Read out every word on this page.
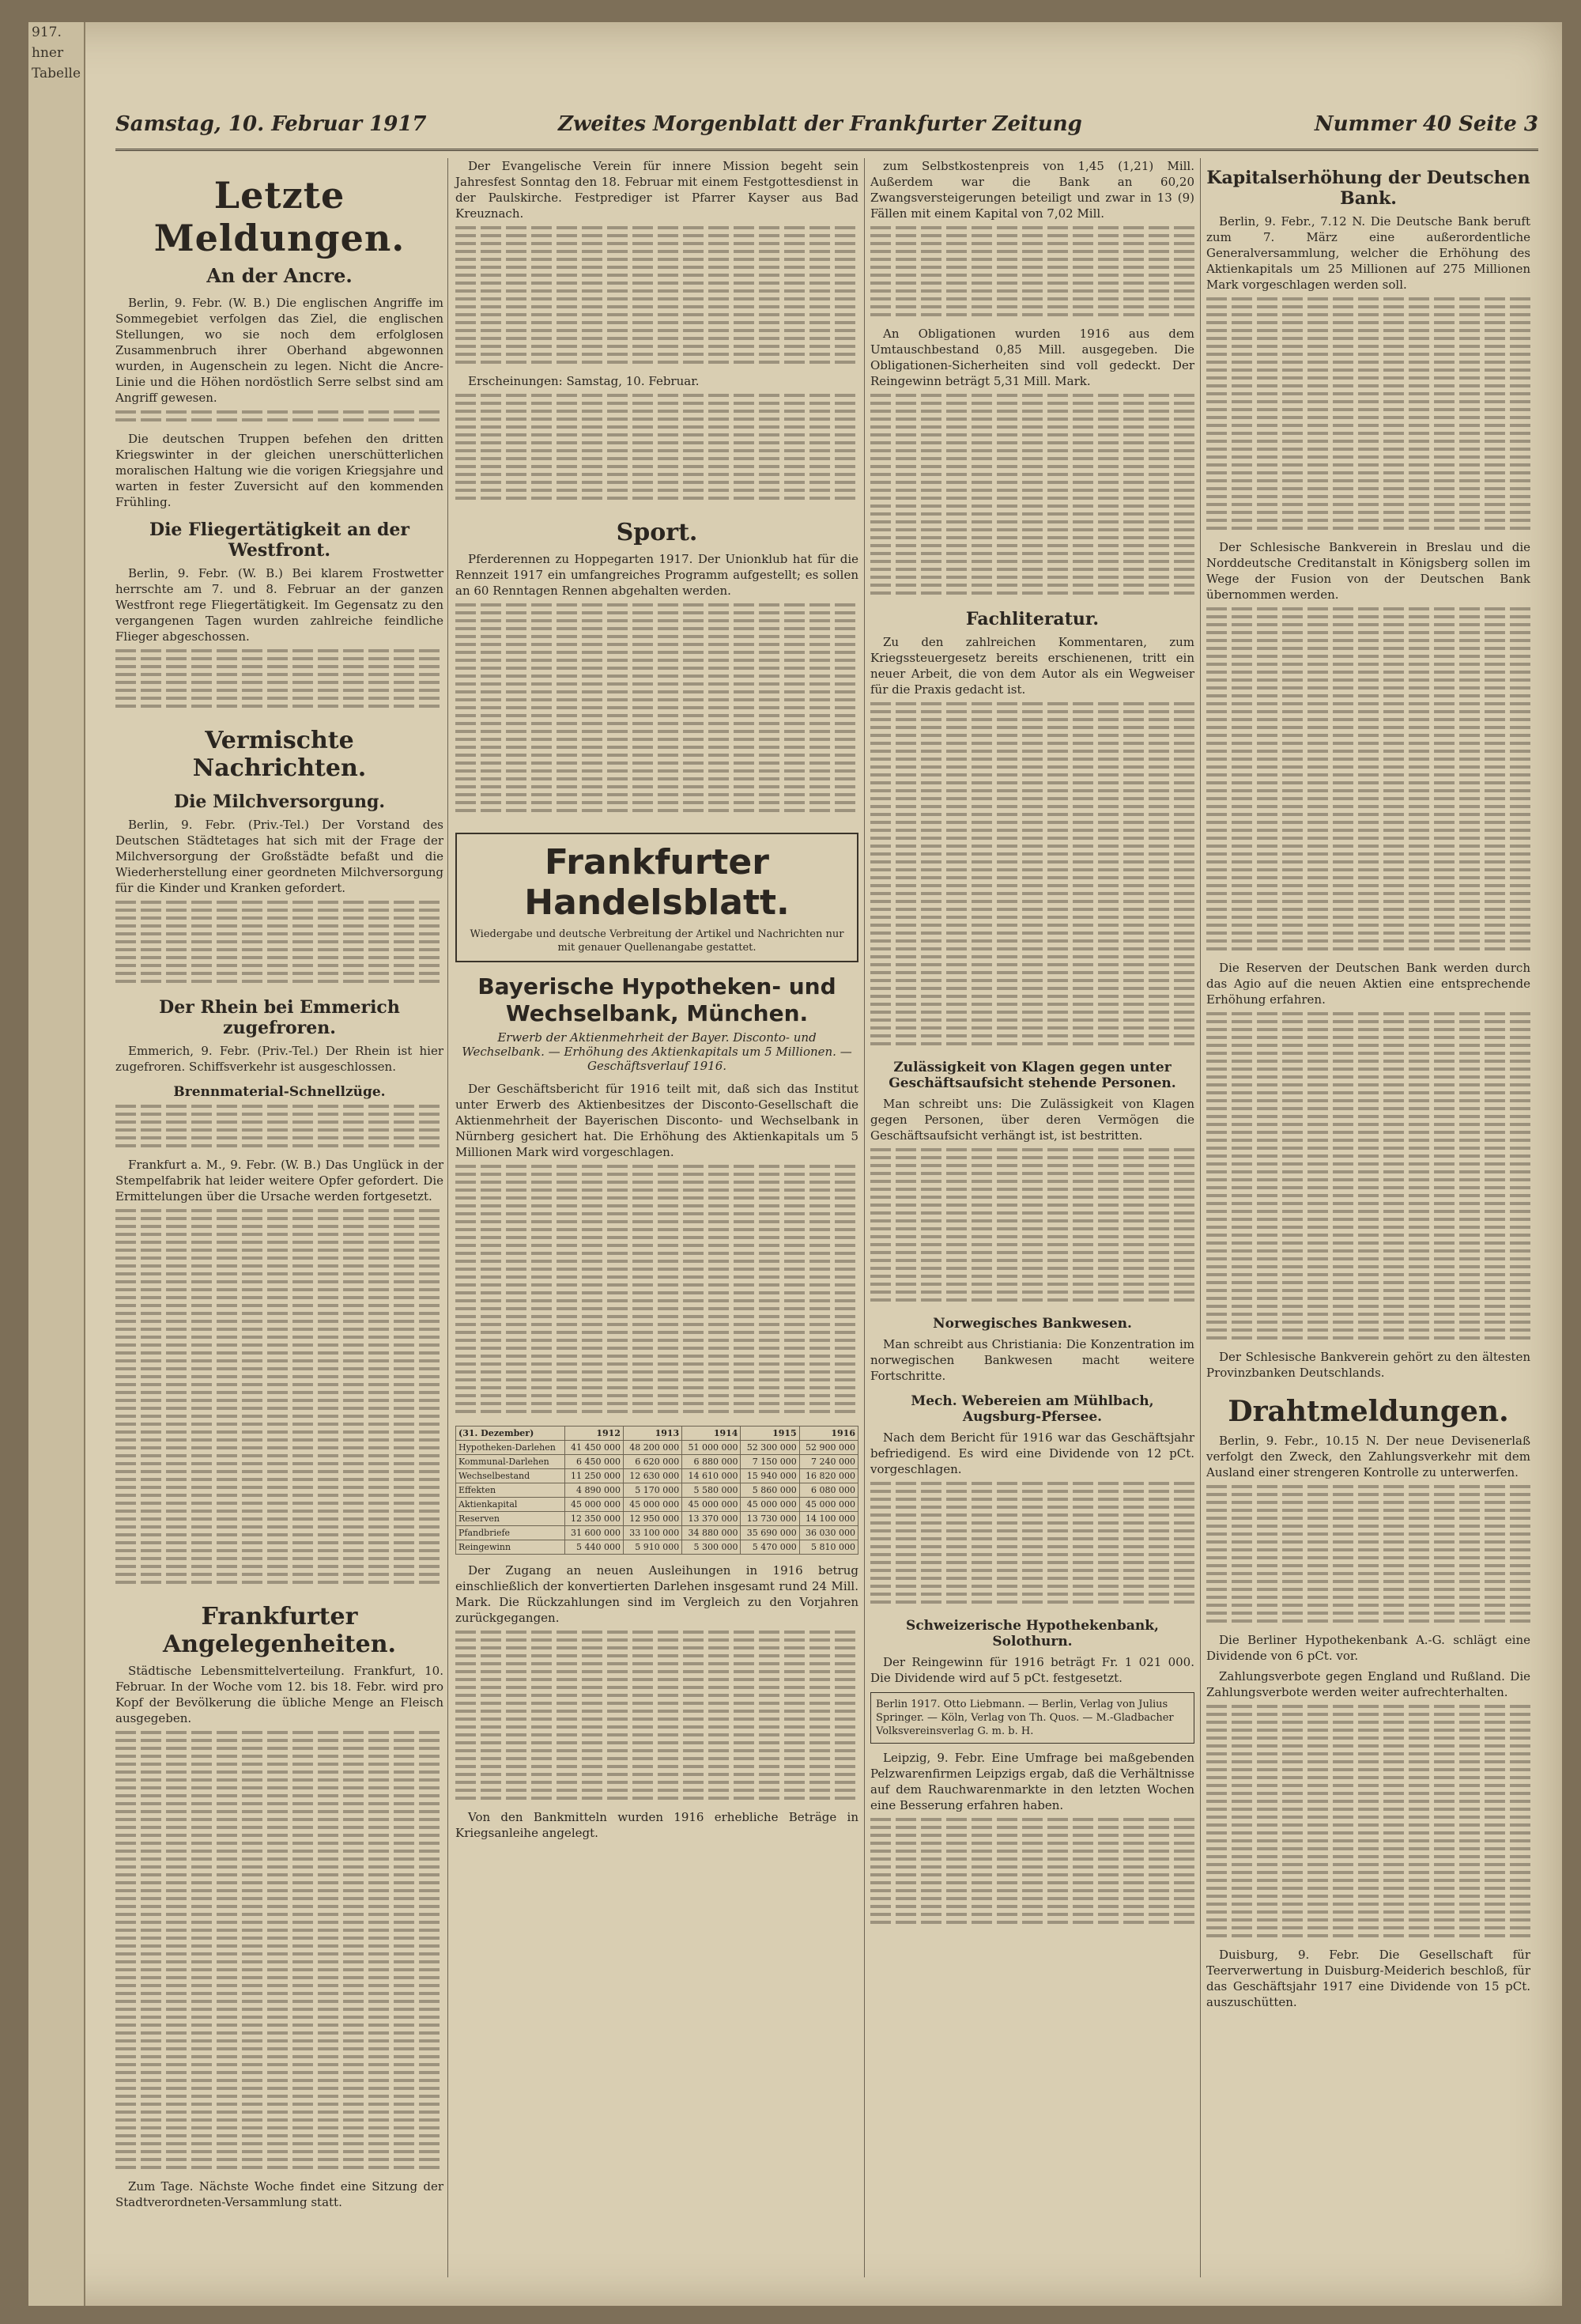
917.
hner
Tabelle
Samstag, 10. Februar 1917	Zweites Morgenblatt der Frankfurter Zeitung	Nummer 40 Seite 3
Letzte Meldungen.
An der Ancre.

Berlin, 9. Febr. (W. B.) Die englischen Angriffe im Sommegebiet verfolgen das Ziel, die englischen Stellungen, wo sie noch dem erfolglosen Zusammenbruch ihrer Oberhand abgewonnen wurden, in Augenschein zu legen. Nicht die Ancre-Linie und die Höhen nordöstlich Serre selbst sind am Angriff gewesen.

Die deutschen Truppen befehen den dritten Kriegswinter in der gleichen unerschütterlichen moralischen Haltung wie die vorigen Kriegsjahre und warten in fester Zuversicht auf den kommenden Frühling.

Die Fliegertätigkeit an der Westfront.

Berlin, 9. Febr. (W. B.) Bei klarem Frostwetter herrschte am 7. und 8. Februar an der ganzen Westfront rege Fliegertätigkeit. Im Gegensatz zu den vergangenen Tagen wurden zahlreiche feindliche Flieger abgeschossen.

Vermischte Nachrichten.
Die Milchversorgung.

Berlin, 9. Febr. (Priv.-Tel.) Der Vorstand des Deutschen Städtetages hat sich mit der Frage der Milchversorgung der Großstädte befaßt und die Wiederherstellung einer geordneten Milchversorgung für die Kinder und Kranken gefordert.

Der Rhein bei Emmerich zugefroren.

Emmerich, 9. Febr. (Priv.-Tel.) Der Rhein ist hier zugefroren. Schiffsverkehr ist ausgeschlossen.

Brennmaterial-Schnellzüge.

Frankfurt a. M., 9. Febr. (W. B.) Das Unglück in der Stempelfabrik hat leider weitere Opfer gefordert. Die Ermittelungen über die Ursache werden fortgesetzt.

Frankfurter Angelegenheiten.

Städtische Lebensmittelverteilung. Frankfurt, 10. Februar. In der Woche vom 12. bis 18. Febr. wird pro Kopf der Bevölkerung die übliche Menge an Fleisch ausgegeben.

Zum Tage. Nächste Woche findet eine Sitzung der Stadtverordneten-Versammlung statt.

Der Evangelische Verein für innere Mission begeht sein Jahresfest Sonntag den 18. Februar mit einem Festgottesdienst in der Paulskirche. Festprediger ist Pfarrer Kayser aus Bad Kreuznach.

Erscheinungen: Samstag, 10. Februar.

Sport.

Pferderennen zu Hoppegarten 1917. Der Unionklub hat für die Rennzeit 1917 ein umfangreiches Programm aufgestellt; es sollen an 60 Renntagen Rennen abgehalten werden.

Frankfurter Handelsblatt.
Wiedergabe und deutsche Verbreitung der Artikel und Nachrichten nur mit genauer Quellenangabe gestattet.
Bayerische Hypotheken- und Wechselbank, München.
Erwerb der Aktienmehrheit der Bayer. Disconto- und Wechselbank. — Erhöhung des Aktienkapitals um 5 Millionen. — Geschäftsverlauf 1916.

Der Geschäftsbericht für 1916 teilt mit, daß sich das Institut unter Erwerb des Aktienbesitzes der Disconto-Gesellschaft die Aktienmehrheit der Bayerischen Disconto- und Wechselbank in Nürnberg gesichert hat. Die Erhöhung des Aktienkapitals um 5 Millionen Mark wird vorgeschlagen.

(31. Dezember)	1912	1913	1914	1915	1916
Hypotheken-Darlehen	41 450 000	48 200 000	51 000 000	52 300 000	52 900 000
Kommunal-Darlehen	6 450 000	6 620 000	6 880 000	7 150 000	7 240 000
Wechselbestand	11 250 000	12 630 000	14 610 000	15 940 000	16 820 000
Effekten	4 890 000	5 170 000	5 580 000	5 860 000	6 080 000
Aktienkapital	45 000 000	45 000 000	45 000 000	45 000 000	45 000 000
Reserven	12 350 000	12 950 000	13 370 000	13 730 000	14 100 000
Pfandbriefe	31 600 000	33 100 000	34 880 000	35 690 000	36 030 000
Reingewinn	5 440 000	5 910 000	5 300 000	5 470 000	5 810 000

Der Zugang an neuen Ausleihungen in 1916 betrug einschließlich der konvertierten Darlehen insgesamt rund 24 Mill. Mark. Die Rückzahlungen sind im Vergleich zu den Vorjahren zurückgegangen.

Von den Bankmitteln wurden 1916 erhebliche Beträge in Kriegsanleihe angelegt.

zum Selbstkostenpreis von 1,45 (1,21) Mill. Außerdem war die Bank an 60,20 Zwangsversteigerungen beteiligt und zwar in 13 (9) Fällen mit einem Kapital von 7,02 Mill.

An Obligationen wurden 1916 aus dem Umtauschbestand 0,85 Mill. ausgegeben. Die Obligationen-Sicherheiten sind voll gedeckt. Der Reingewinn beträgt 5,31 Mill. Mark.

Fachliteratur.

Zu den zahlreichen Kommentaren, zum Kriegssteuergesetz bereits erschienenen, tritt ein neuer Arbeit, die von dem Autor als ein Wegweiser für die Praxis gedacht ist.

Zulässigkeit von Klagen gegen unter Geschäftsaufsicht stehende Personen.

Man schreibt uns: Die Zulässigkeit von Klagen gegen Personen, über deren Vermögen die Geschäftsaufsicht verhängt ist, ist bestritten.

Norwegisches Bankwesen.

Man schreibt aus Christiania: Die Konzentration im norwegischen Bankwesen macht weitere Fortschritte.

Mech. Webereien am Mühlbach, Augsburg-Pfersee.

Nach dem Bericht für 1916 war das Geschäftsjahr befriedigend. Es wird eine Dividende von 12 pCt. vorgeschlagen.

Schweizerische Hypothekenbank, Solothurn.

Der Reingewinn für 1916 beträgt Fr. 1 021 000. Die Dividende wird auf 5 pCt. festgesetzt.

Berlin 1917. Otto Liebmann. — Berlin, Verlag von Julius Springer. — Köln, Verlag von Th. Quos. — M.-Gladbacher Volksvereinsverlag G. m. b. H.

Leipzig, 9. Febr. Eine Umfrage bei maßgebenden Pelzwarenfirmen Leipzigs ergab, daß die Verhältnisse auf dem Rauchwarenmarkte in den letzten Wochen eine Besserung erfahren haben.

Kapitalserhöhung der Deutschen Bank.

Berlin, 9. Febr., 7.12 N. Die Deutsche Bank beruft zum 7. März eine außerordentliche Generalversammlung, welcher die Erhöhung des Aktienkapitals um 25 Millionen auf 275 Millionen Mark vorgeschlagen werden soll.

Der Schlesische Bankverein in Breslau und die Norddeutsche Creditanstalt in Königsberg sollen im Wege der Fusion von der Deutschen Bank übernommen werden.

Die Reserven der Deutschen Bank werden durch das Agio auf die neuen Aktien eine entsprechende Erhöhung erfahren.

Der Schlesische Bankverein gehört zu den ältesten Provinzbanken Deutschlands.

Drahtmeldungen.

Berlin, 9. Febr., 10.15 N. Der neue Devisenerlaß verfolgt den Zweck, den Zahlungsverkehr mit dem Ausland einer strengeren Kontrolle zu unterwerfen.

Die Berliner Hypothekenbank A.-G. schlägt eine Dividende von 6 pCt. vor.

Zahlungsverbote gegen England und Rußland. Die Zahlungsverbote werden weiter aufrechterhalten.

Duisburg, 9. Febr. Die Gesellschaft für Teerverwertung in Duisburg-Meiderich beschloß, für das Geschäftsjahr 1917 eine Dividende von 15 pCt. auszuschütten.
